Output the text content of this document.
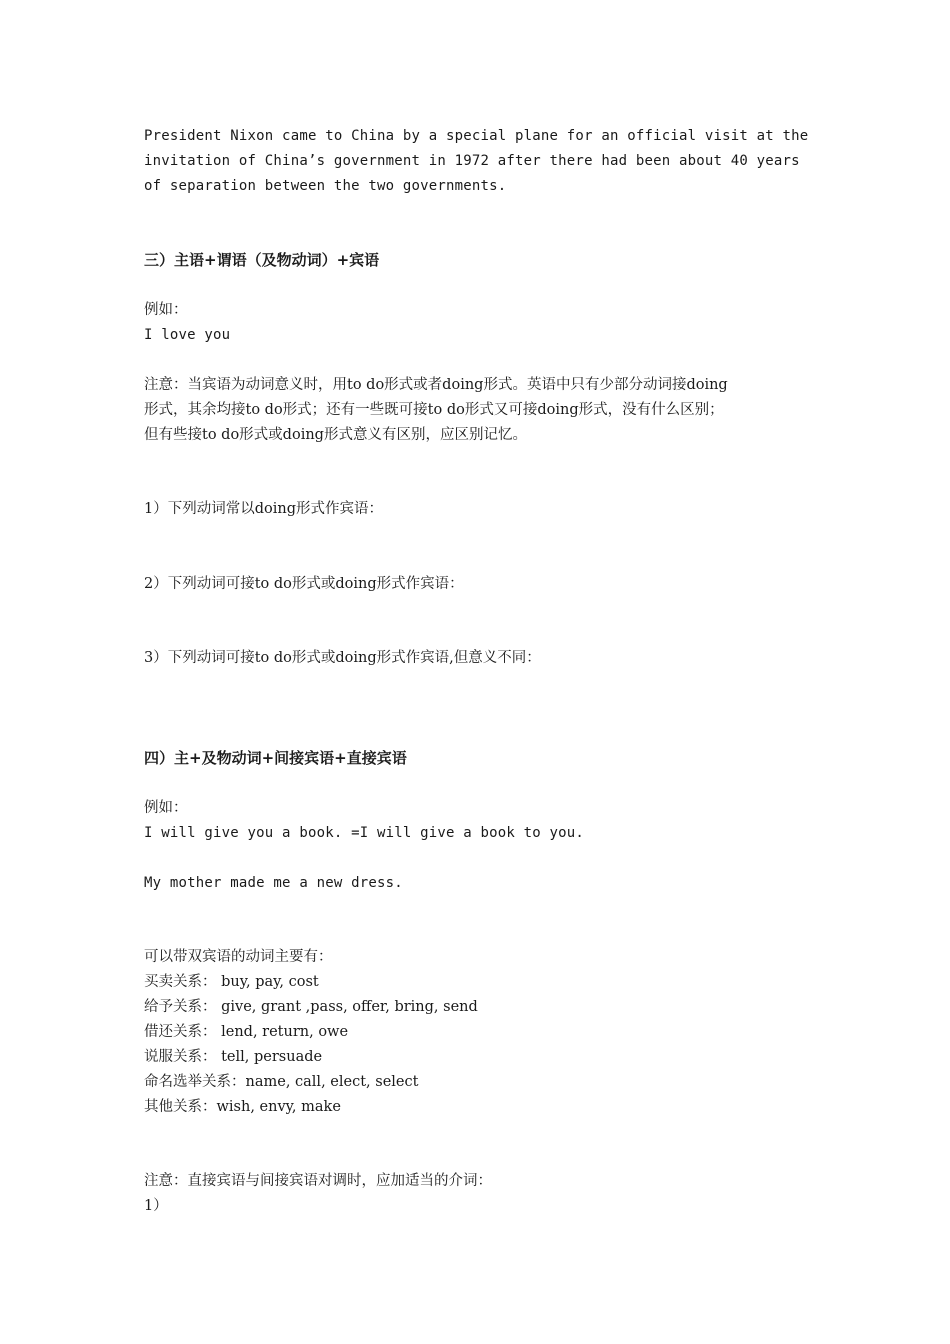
President Nixon came to China by a special plane for an official visit at the
invitation of China’s government in 1972 after there had been about 40 years
of separation between the two governments.
三）主语+谓语（及物动词）+宾语
例如：
I love you
注意：当宾语为动词意义时，用to do形式或者doing形式。英语中只有少部分动词接doing
形式，其余均接to do形式；还有一些既可接to do形式又可接doing形式，没有什么区别；
但有些接to do形式或doing形式意义有区别，应区别记忆。
1）下列动词常以doing形式作宾语：
2）下列动词可接to do形式或doing形式作宾语：
3）下列动词可接to do形式或doing形式作宾语,但意义不同：
四）主+及物动词+间接宾语+直接宾语
例如：
I will give you a book. =I will give a book to you.
My mother made me a new dress.
可以带双宾语的动词主要有：
买卖关系： buy, pay, cost
给予关系： give, grant ,pass, offer, bring, send
借还关系： lend, return, owe
说服关系： tell, persuade
命名选举关系：name, call, elect, select
其他关系：wish, envy, make
注意：直接宾语与间接宾语对调时，应加适当的介词：
1）
